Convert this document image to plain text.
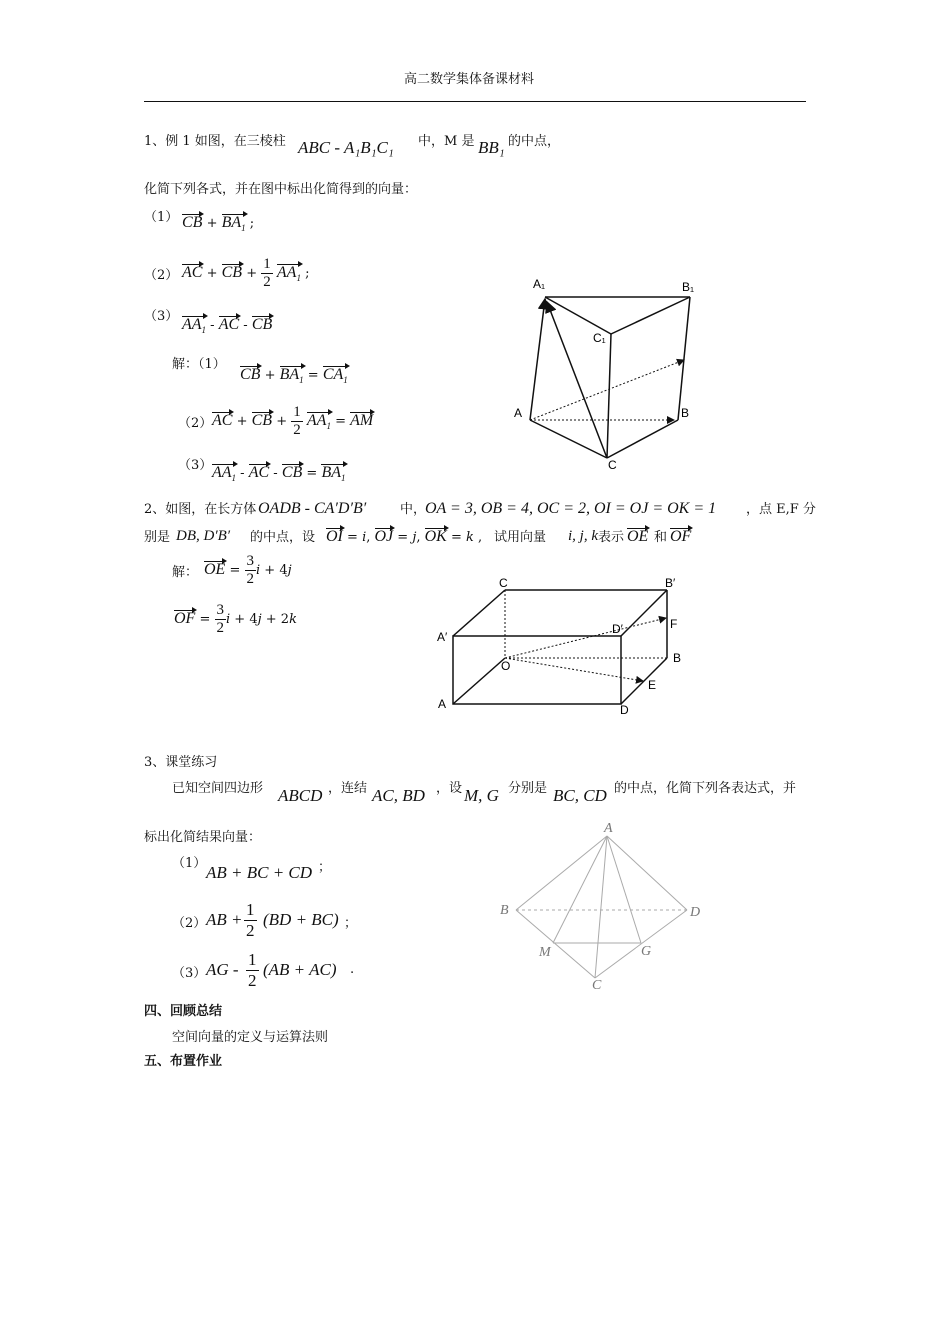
高二数学集体备课材料
1、例 1 如图，在三棱柱 ABC - A₁B₁C₁ 中，M 是 BB₁ 的中点，
化简下列各式，并在图中标出化简得到的向量：
（1） CB + $BA_1$ ;
（2） AC + CB + $\frac{1}{2} AA_1$ ;
（3） $AA_1$ - AC - CB
解：（1）
CB + $BA_1 = CA_1$
（2） AC + CB + $\frac{1}{2} AA_1$ = AM
（3） $AA_1$ - AC - CB = $BA_1$
A₁	B₁
C₁
A	B
C
2、如图，在长方体 OADB - CA′D′B′	中，
OA = 3, OB = 4, OC = 2, OI = OJ = OK = 1 ，点 E,F 分
别是 DB, D′B′ 的中点，设 OI = i, OJ = j, OK = k , 试用向量 i, j, k 表示 OE 和 OF
解： OE = $\frac{3}{2}$ i + 4j
OF = $\frac{3}{2}$ i + 4j + 2k
C	B′
A′
D′	F
O
B
E
A	D
3、课堂练习
已知空间四边形 ABCD ，连结 AC, BD ，设 M, G 分别是 BC, CD 的中点，化简下列各表达式，并
标出化简结果向量：
（1） AB + BC + CD ；
（2） AB + $\frac{1}{2} (BD + BC)$ ；
（3） AG - $\frac{1}{2} (AB + AC)$ .
A
B	D
M	G
C
四、回顾总结
空间向量的定义与运算法则
五、布置作业
